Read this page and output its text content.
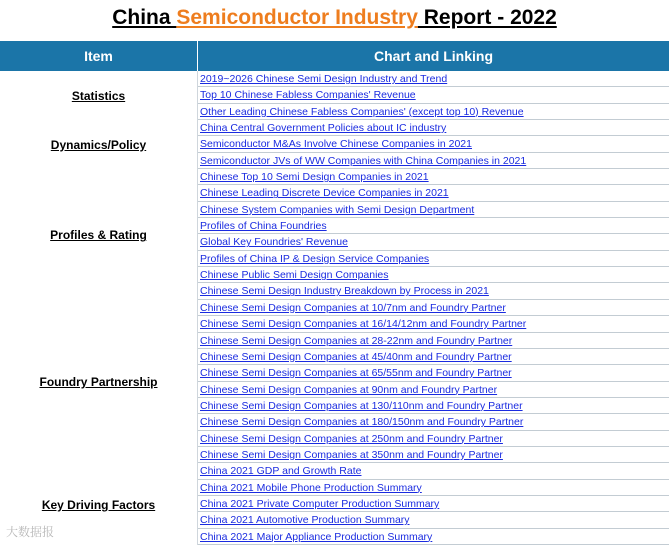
China Semiconductor Industry Report - 2022
Item	Chart and Linking
Statistics
Dynamics/Policy
Profiles & Rating
Foundry Partnership
Key Driving Factors
2019~2026 Chinese Semi Design Industry and Trend
Top 10 Chinese Fabless Companies' Revenue
Other Leading Chinese Fabless Companies' (except top 10) Revenue
China Central Government Policies about IC industry
Semiconductor M&As Involve Chinese Companies in 2021
Semiconductor JVs of WW Companies with China Companies in 2021
Chinese Top 10 Semi Design Companies in 2021
Chinese Leading Discrete Device Companies in 2021
Chinese System Companies with Semi Design Department
Profiles of China Foundries
Global Key Foundries' Revenue
Profiles of China IP & Design Service Companies
Chinese Public Semi Design Companies
Chinese Semi Design Industry Breakdown by Process in 2021
Chinese Semi Design Companies at 10/7nm and Foundry Partner
Chinese Semi Design Companies at 16/14/12nm and Foundry Partner
Chinese Semi Design Companies at 28-22nm and Foundry Partner
Chinese Semi Design Companies at 45/40nm and Foundry Partner
Chinese Semi Design Companies at 65/55nm and Foundry Partner
Chinese Semi Design Companies at 90nm and Foundry Partner
Chinese Semi Design Companies at 130/110nm and Foundry Partner
Chinese Semi Design Companies at 180/150nm and Foundry Partner
Chinese Semi Design Companies at 250nm and Foundry Partner
Chinese Semi Design Companies at 350nm and Foundry Partner
China 2021 GDP and Growth Rate
China 2021 Mobile Phone Production Summary
China 2021 Private Computer Production Summary
China 2021 Automotive Production Summary
China 2021 Major Appliance Production Summary
大数据报
